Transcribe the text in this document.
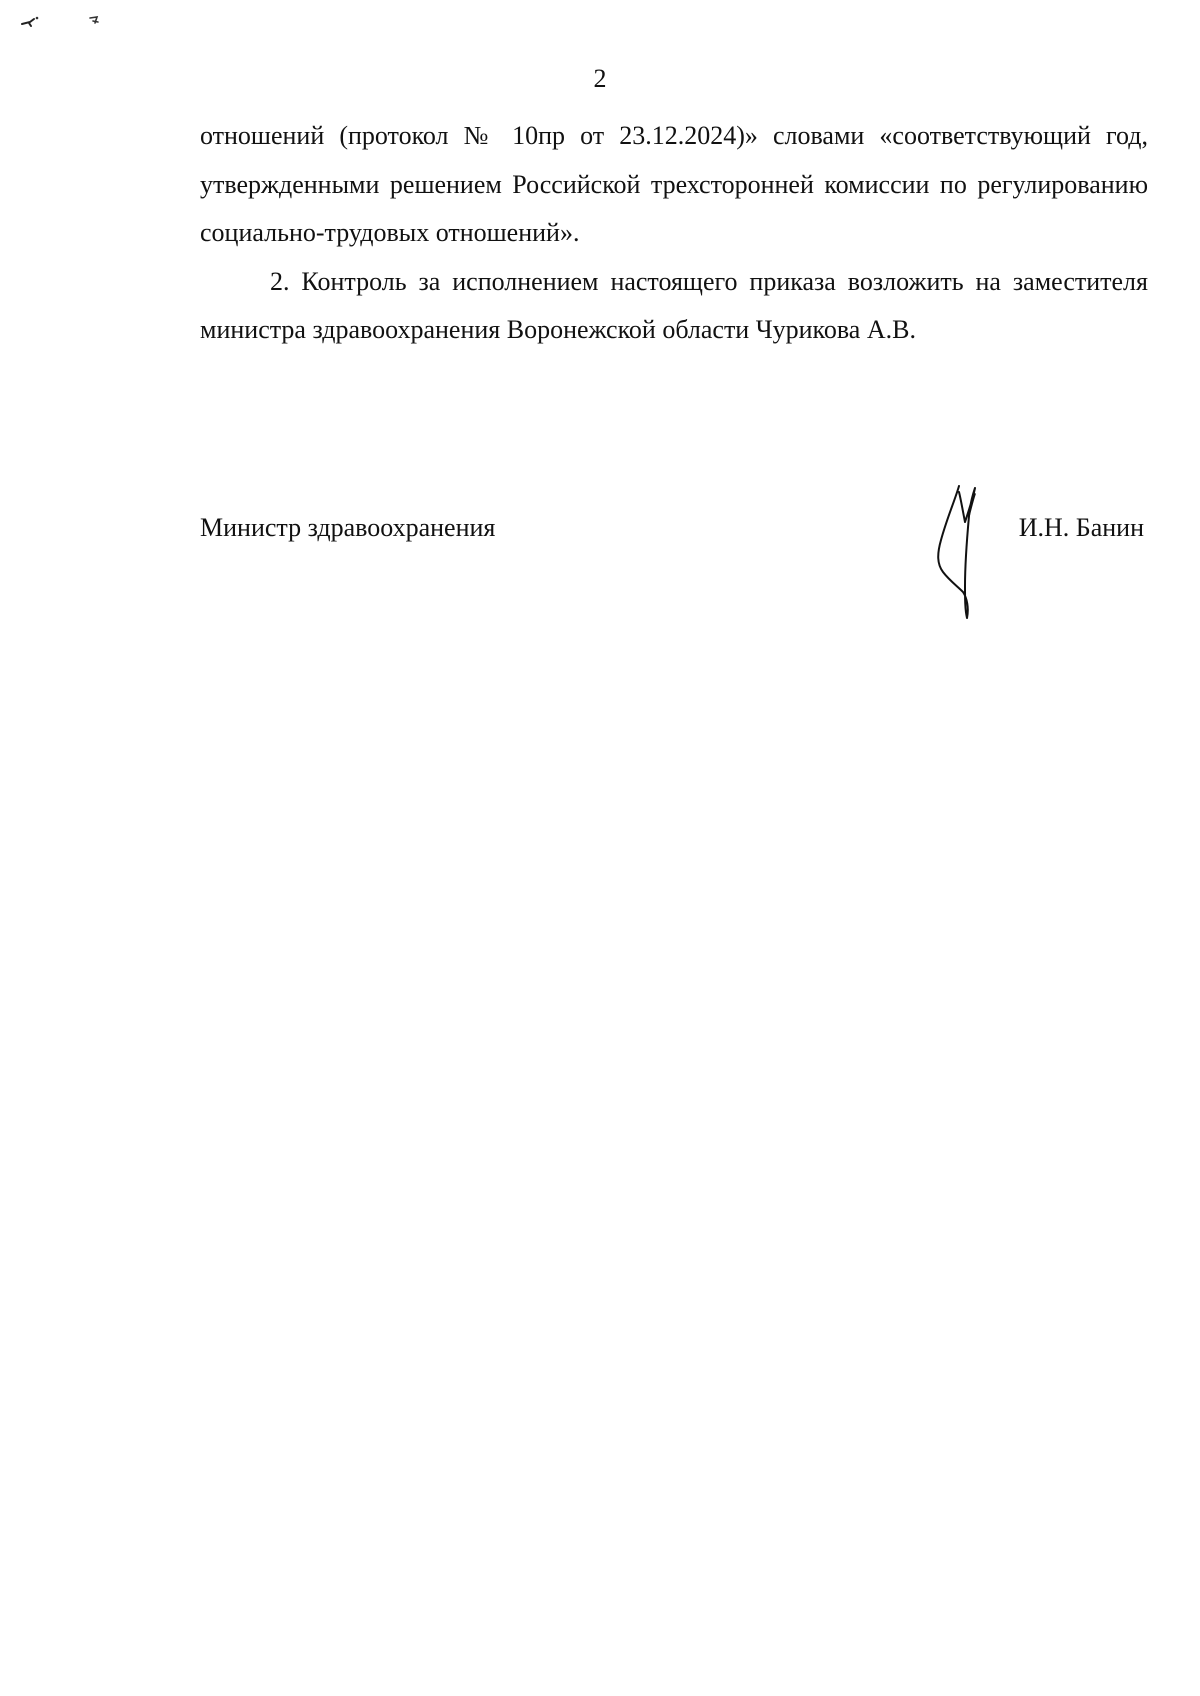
2

отношений (протокол № 10пр от 23.12.2024)» словами «соответствующий год, утвержденными решением Российской трехсторонней комиссии по регулированию социально-трудовых отношений».

2. Контроль за исполнением настоящего приказа возложить на заместителя министра здравоохранения Воронежской области Чурикова А.В.

Министр здравоохранения	И.Н. Банин
